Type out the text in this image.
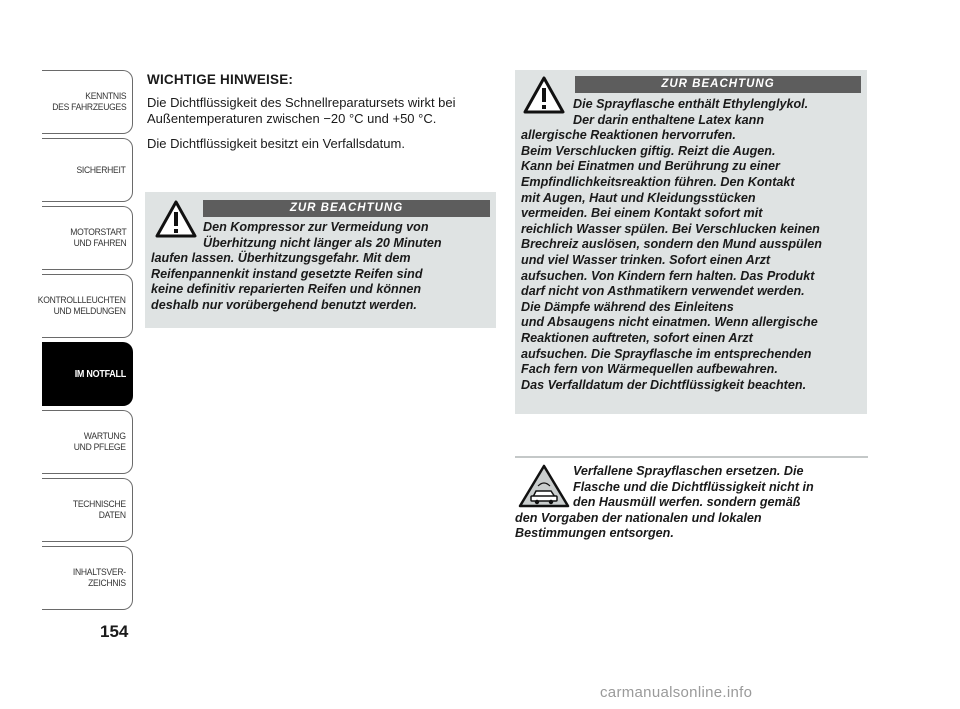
KENNTNIS
DES FAHRZEUGES
SICHERHEIT
MOTORSTART
UND FAHREN
KONTROLLLEUCHTEN
UND MELDUNGEN
IM NOTFALL
WARTUNG
UND PFLEGE
TECHNISCHE
DATEN
INHALTSVER-
ZEICHNIS
154
WICHTIGE HINWEISE:

Die Dichtflüssigkeit des Schnellreparatursets wirkt bei Außentemperaturen zwischen −20 °C und +50 °C.

Die Dichtflüssigkeit besitzt ein Verfallsdatum.

ZUR BEACHTUNG
Den Kompressor zur Vermeidung von
Überhitzung nicht länger als 20 Minuten
laufen lassen. Überhitzungsgefahr. Mit dem
Reifenpannenkit instand gesetzte Reifen sind
keine definitiv reparierten Reifen und können
deshalb nur vorübergehend benutzt werden.
ZUR BEACHTUNG
Die Sprayflasche enthält Ethylenglykol.
Der darin enthaltene Latex kann
allergische Reaktionen hervorrufen.
Beim Verschlucken giftig. Reizt die Augen.
Kann bei Einatmen und Berührung zu einer
Empfindlichkeitsreaktion führen. Den Kontakt
mit Augen, Haut und Kleidungsstücken
vermeiden. Bei einem Kontakt sofort mit
reichlich Wasser spülen. Bei Verschlucken keinen
Brechreiz auslösen, sondern den Mund ausspülen
und viel Wasser trinken. Sofort einen Arzt
aufsuchen. Von Kindern fern halten. Das Produkt
darf nicht von Asthmatikern verwendet werden.
Die Dämpfe während des Einleitens
und Absaugens nicht einatmen. Wenn allergische
Reaktionen auftreten, sofort einen Arzt
aufsuchen. Die Sprayflasche im entsprechenden
Fach fern von Wärmequellen aufbewahren.
Das Verfalldatum der Dichtflüssigkeit beachten.
Verfallene Sprayflaschen ersetzen. Die
Flasche und die Dichtflüssigkeit nicht in
den Hausmüll werfen. sondern gemäß
den Vorgaben der nationalen und lokalen
Bestimmungen entsorgen.
carmanualsonline.info
